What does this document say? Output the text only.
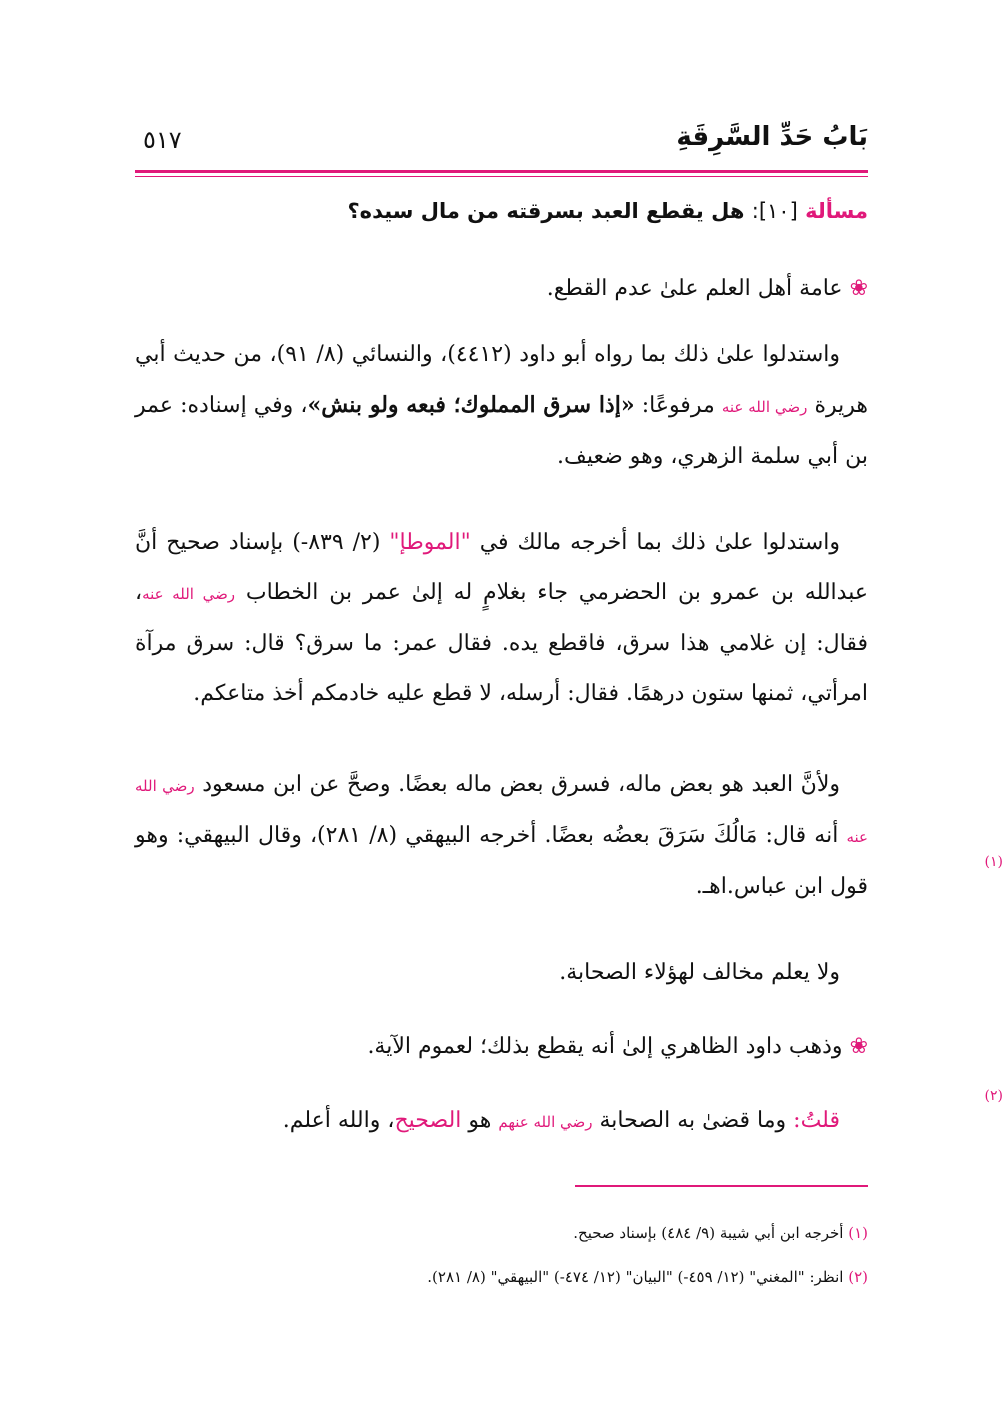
بَابُ حَدِّ السَّرِقَةِ
٥١٧
مسألة [١٠]: هل يقطع العبد بسرقته من مال سيده؟
❀ عامة أهل العلم علىٰ عدم القطع.
واستدلوا علىٰ ذلك بما رواه أبو داود (٤٤١٢)، والنسائي (٨/ ٩١)، من حديث أبي هريرة رضي الله عنه مرفوعًا: «إذا سرق المملوك؛ فبعه ولو بنش»، وفي إسناده: عمر بن أبي سلمة الزهري، وهو ضعيف.
واستدلوا علىٰ ذلك بما أخرجه مالك في "الموطإ" (٢/ ٨٣٩-) بإسناد صحيح أنَّ عبدالله بن عمرو بن الحضرمي جاء بغلامٍ له إلىٰ عمر بن الخطاب رضي الله عنه، فقال: إن غلامي هذا سرق، فاقطع يده. فقال عمر: ما سرق؟ قال: سرق مرآة امرأتي، ثمنها ستون درهمًا. فقال: أرسله، لا قطع عليه خادمكم أخذ متاعكم.
ولأنَّ العبد هو بعض ماله، فسرق بعض ماله بعضًا. وصحَّ عن ابن مسعود رضي الله عنه أنه قال: مَالُكَ سَرَقَ بعضُه بعضًا. أخرجه البيهقي (٨/ ٢٨١)، وقال البيهقي: وهو قول ابن عباس.
(١)
اهـ.
ولا يعلم مخالف لهؤلاء الصحابة.
❀ وذهب داود الظاهري إلىٰ أنه يقطع بذلك؛ لعموم الآية.
قلتُ: وما قضىٰ به الصحابة رضي الله عنهم هو الصحيح، والله أعلم.
(٢)
(١) أخرجه ابن أبي شيبة (٩/ ٤٨٤) بإسناد صحيح.
(٢) انظر: "المغني" (١٢/ ٤٥٩-) "البيان" (١٢/ ٤٧٤-) "البيهقي" (٨/ ٢٨١).
